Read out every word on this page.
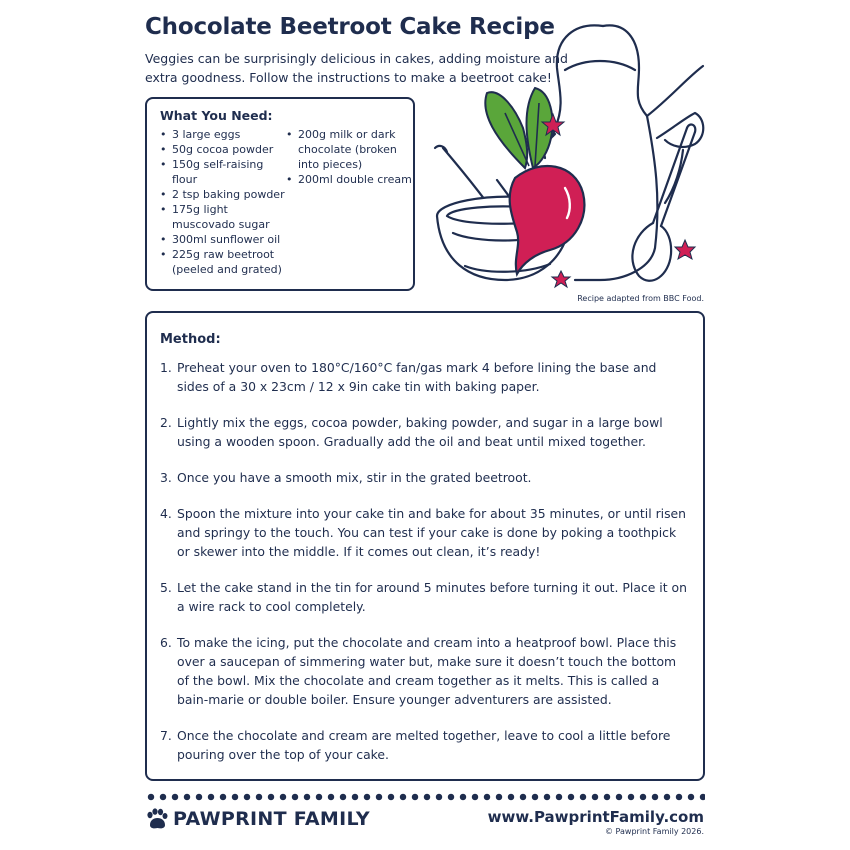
Chocolate Beetroot Cake Recipe
Veggies can be surprisingly delicious in cakes, adding moisture and extra goodness. Follow the instructions to make a beetroot cake!
What You Need:
• 3 large eggs
• 50g cocoa powder
• 150g self-raising flour
• 2 tsp baking powder
• 175g light muscovado sugar
• 300ml sunflower oil
• 225g raw beetroot (peeled and grated)
• 200g milk or dark chocolate (broken into pieces)
• 200ml double cream
Recipe adapted from BBC Food.
Method:
1. Preheat your oven to 180°C/160°C fan/gas mark 4 before lining the base and sides of a 30 x 23cm / 12 x 9in cake tin with baking paper.
2. Lightly mix the eggs, cocoa powder, baking powder, and sugar in a large bowl using a wooden spoon. Gradually add the oil and beat until mixed together.
3. Once you have a smooth mix, stir in the grated beetroot.
4. Spoon the mixture into your cake tin and bake for about 35 minutes, or until risen and springy to the touch. You can test if your cake is done by poking a toothpick or skewer into the middle. If it comes out clean, it’s ready!
5. Let the cake stand in the tin for around 5 minutes before turning it out. Place it on a wire rack to cool completely.
6. To make the icing, put the chocolate and cream into a heatproof bowl. Place this over a saucepan of simmering water but, make sure it doesn’t touch the bottom of the bowl. Mix the chocolate and cream together as it melts. This is called a bain-marie or double boiler. Ensure younger adventurers are assisted.
7. Once the chocolate and cream are melted together, leave to cool a little before pouring over the top of your cake.
PAWPRINT FAMILY	www.PawprintFamily.com
© Pawprint Family 2026.
